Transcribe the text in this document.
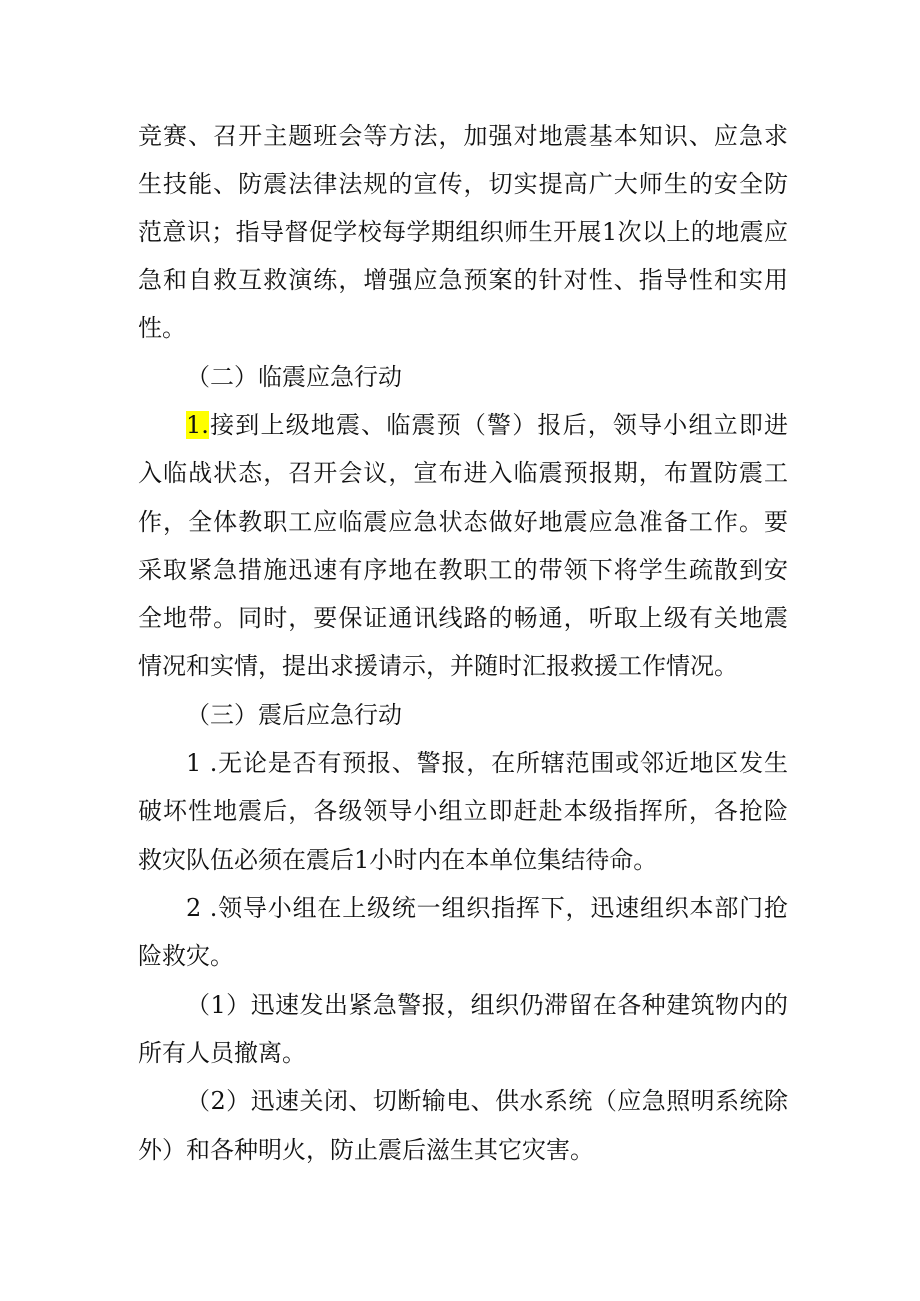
竞赛、召开主题班会等方法，加强对地震基本知识、应急求
生技能、防震法律法规的宣传，切实提高广大师生的安全防
范意识；指导督促学校每学期组织师生开展1次以上的地震应
急和自救互救演练，增强应急预案的针对性、指导性和实用
性。
（二）临震应急行动
1.接到上级地震、临震预（警）报后，领导小组立即进
入临战状态，召开会议，宣布进入临震预报期，布置防震工
作，全体教职工应临震应急状态做好地震应急准备工作。要
采取紧急措施迅速有序地在教职工的带领下将学生疏散到安
全地带。同时，要保证通讯线路的畅通，听取上级有关地震
情况和实情，提出求援请示，并随时汇报救援工作情况。
（三）震后应急行动
1 .无论是否有预报、警报，在所辖范围或邻近地区发生
破坏性地震后，各级领导小组立即赶赴本级指挥所，各抢险
救灾队伍必须在震后1小时内在本单位集结待命。
2 .领导小组在上级统一组织指挥下，迅速组织本部门抢
险救灾。
（1）迅速发出紧急警报，组织仍滞留在各种建筑物内的
所有人员撤离。
（2）迅速关闭、切断输电、供水系统（应急照明系统除
外）和各种明火，防止震后滋生其它灾害。
